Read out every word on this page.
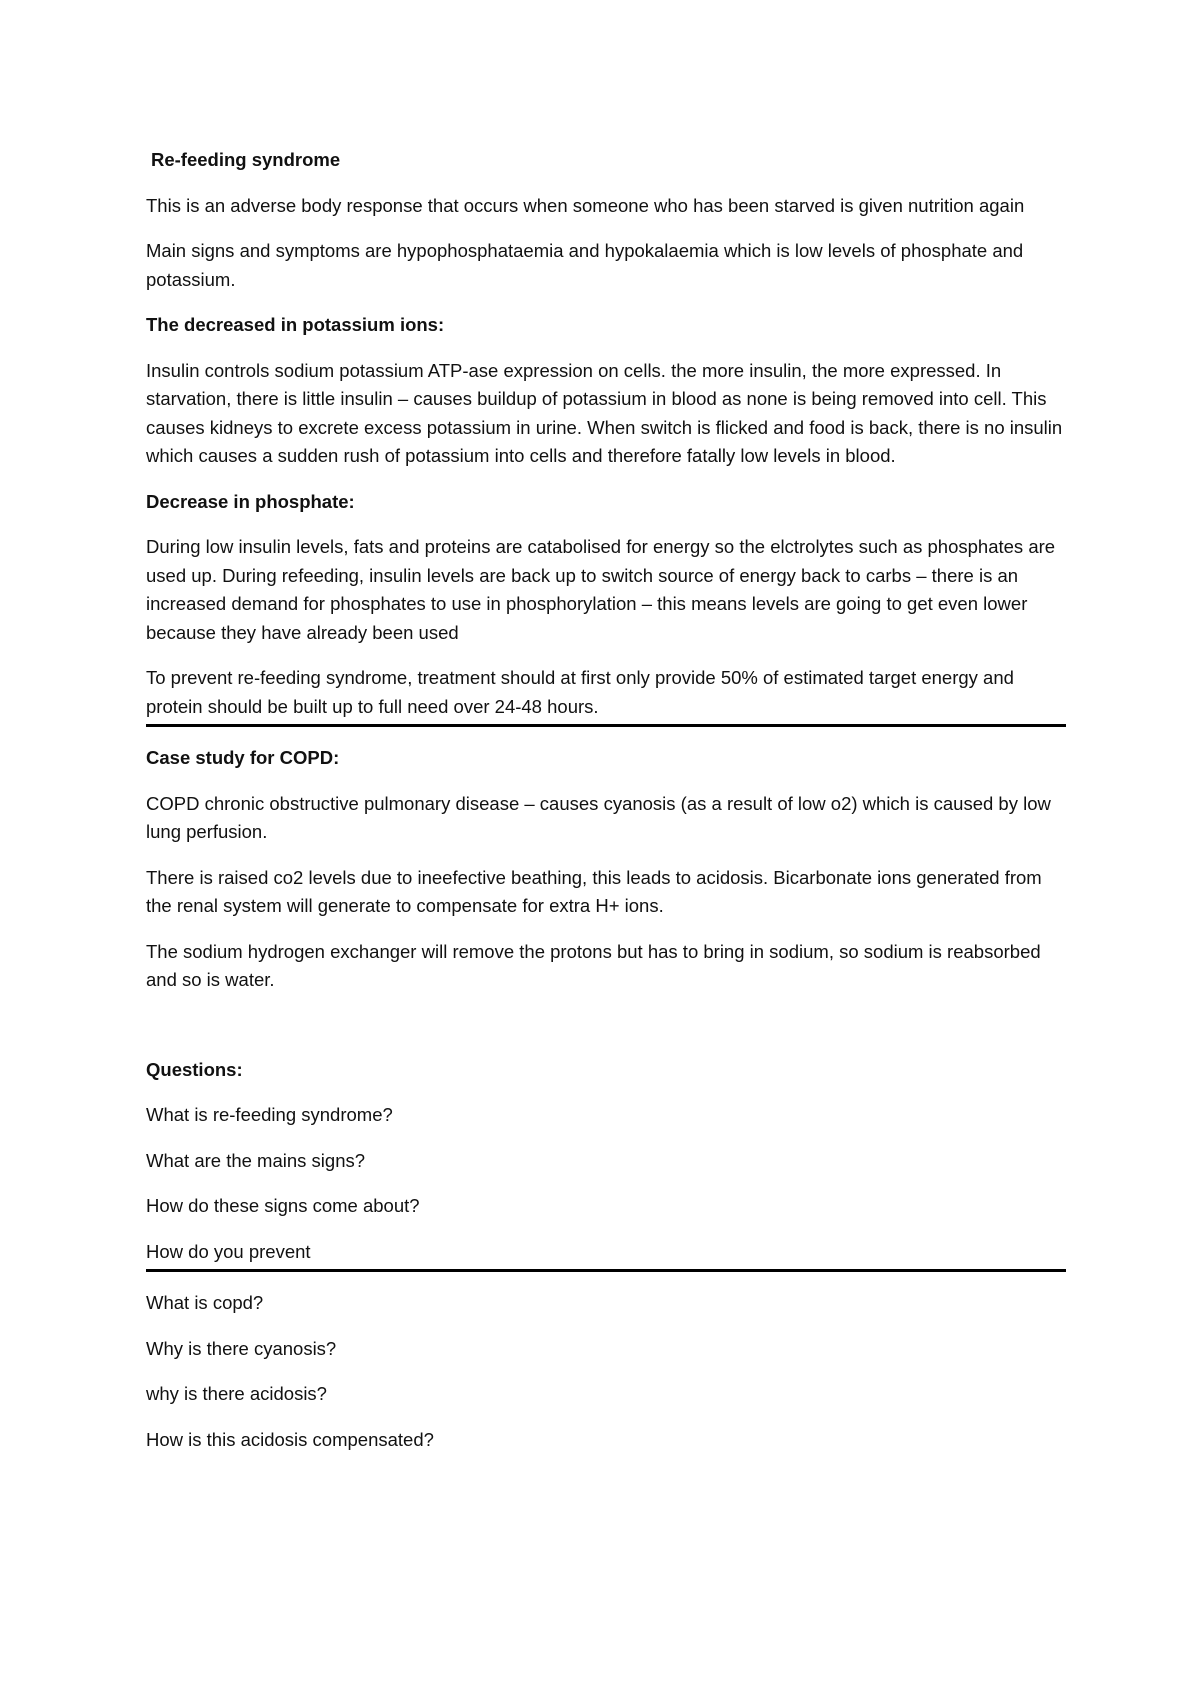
Re-feeding syndrome

This is an adverse body response that occurs when someone who has been starved is given nutrition again

Main signs and symptoms are hypophosphataemia and hypokalaemia which is low levels of phosphate and potassium.

The decreased in potassium ions:

Insulin controls sodium potassium ATP-ase expression on cells. the more insulin, the more expressed. In starvation, there is little insulin – causes buildup of potassium in blood as none is being removed into cell. This causes kidneys to excrete excess potassium in urine. When switch is flicked and food is back, there is no insulin which causes a sudden rush of potassium into cells and therefore fatally low levels in blood.

Decrease in phosphate:

During low insulin levels, fats and proteins are catabolised for energy so the elctrolytes such as phosphates are used up. During refeeding, insulin levels are back up to switch source of energy back to carbs – there is an increased demand for phosphates to use in phosphorylation – this means levels are going to get even lower because they have already been used

To prevent re-feeding syndrome, treatment should at first only provide 50% of estimated target energy and protein should be built up to full need over 24-48 hours.

Case study for COPD:

COPD chronic obstructive pulmonary disease – causes cyanosis (as a result of low o2) which is caused by low lung perfusion.

There is raised co2 levels due to ineefective beathing, this leads to acidosis. Bicarbonate ions generated from the renal system will generate to compensate for extra H+ ions.

The sodium hydrogen exchanger will remove the protons but has to bring in sodium, so sodium is reabsorbed and so is water.

Questions:

What is re-feeding syndrome?

What are the mains signs?

How do these signs come about?

How do you prevent

What is copd?

Why is there cyanosis?

why is there acidosis?

How is this acidosis compensated?
